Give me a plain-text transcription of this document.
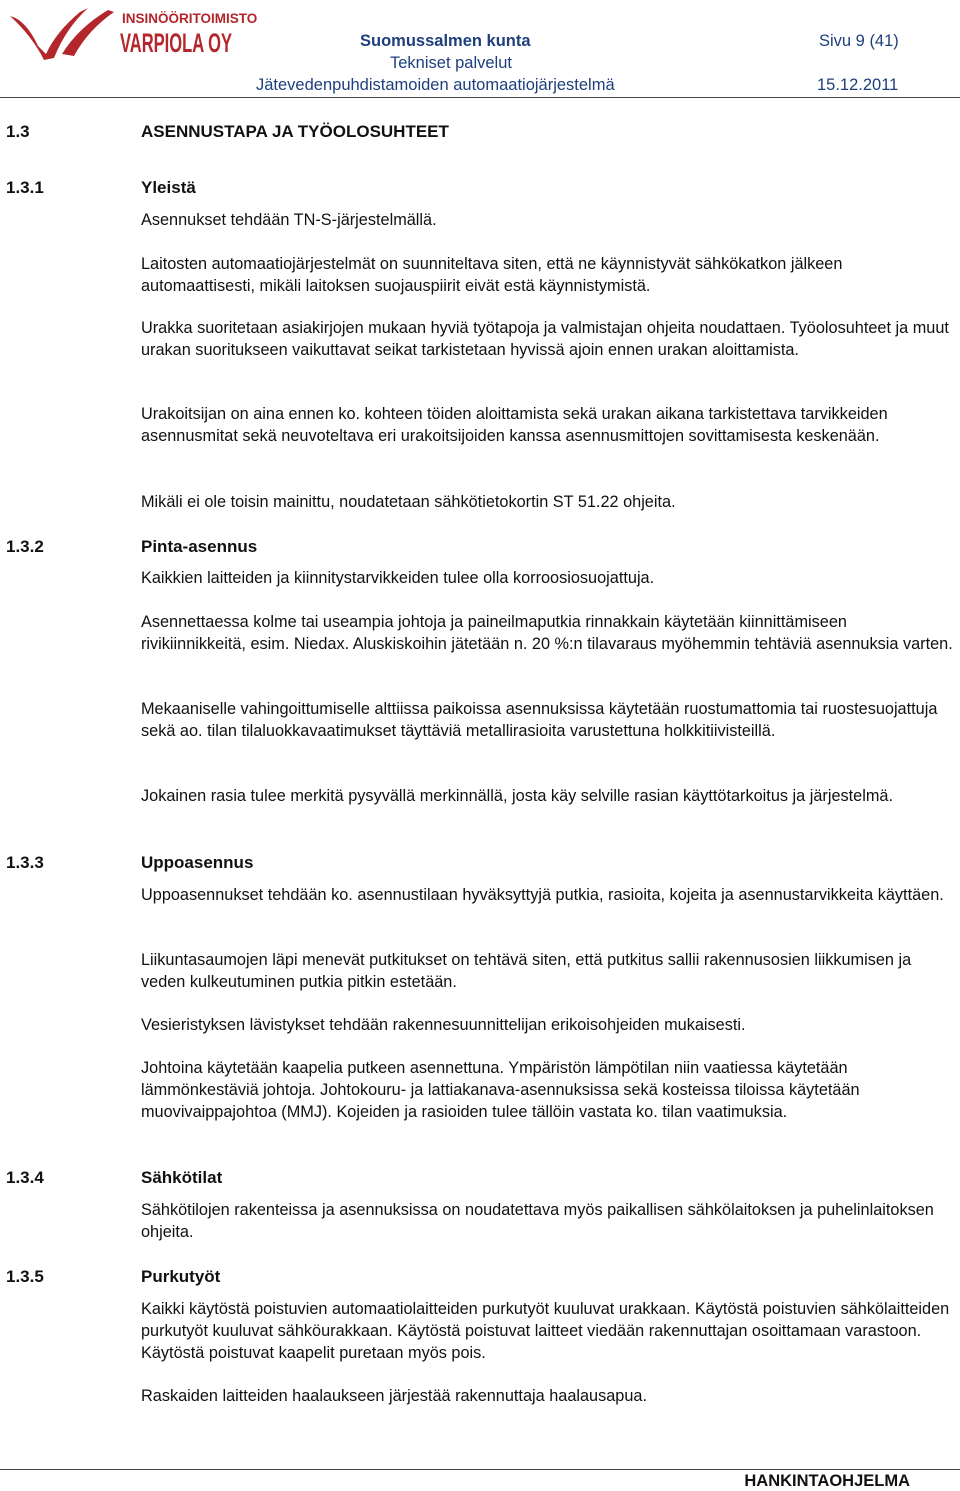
INSINÖÖRITOIMISTO
VARPIOLA OY	Suomussalmen kunta
Tekniset palvelut
Jätevedenpuhdistamoiden automaatiojärjestelmä
Sivu 9 (41)
15.12.2011
1.3	ASENNUSTAPA JA TYÖOLOSUHTEET
1.3.1	Yleistä

Asennukset tehdään TN-S-järjestelmällä.

Laitosten automaatiojärjestelmät on suunniteltava siten, että ne käynnistyvät sähkökatkon jälkeen automaattisesti, mikäli laitoksen suojauspiirit eivät estä käynnistymistä.

Urakka suoritetaan asiakirjojen mukaan hyviä työtapoja ja valmistajan ohjeita noudattaen. Työolosuhteet ja muut urakan suoritukseen vaikuttavat seikat tarkistetaan hyvissä ajoin ennen urakan aloittamista.

Urakoitsijan on aina ennen ko. kohteen töiden aloittamista sekä urakan aikana tarkistettava tarvikkeiden asennusmitat sekä neuvoteltava eri urakoitsijoiden kanssa asennusmittojen sovittamisesta keskenään.

Mikäli ei ole toisin mainittu, noudatetaan sähkötietokortin ST 51.22 ohjeita.

1.3.2	Pinta-asennus

Kaikkien laitteiden ja kiinnitystarvikkeiden tulee olla korroosiosuojattuja.

Asennettaessa kolme tai useampia johtoja ja paineilmaputkia rinnakkain käytetään kiinnittämiseen rivikiinnikkeitä, esim. Niedax. Aluskiskoihin jätetään n. 20 %:n tilavaraus myöhemmin tehtäviä asennuksia varten.

Mekaaniselle vahingoittumiselle alttiissa paikoissa asennuksissa käytetään ruostumattomia tai ruostesuojattuja sekä ao. tilan tilaluokkavaatimukset täyttäviä metallirasioita varustettuna holkkitiivisteillä.

Jokainen rasia tulee merkitä pysyvällä merkinnällä, josta käy selville rasian käyttötarkoitus ja järjestelmä.

1.3.3	Uppoasennus

Uppoasennukset tehdään ko. asennustilaan hyväksyttyjä putkia, rasioita, kojeita ja asennustarvikkeita käyttäen.

Liikuntasaumojen läpi menevät putkitukset on tehtävä siten, että putkitus sallii rakennusosien liikkumisen ja veden kulkeutuminen putkia pitkin estetään.

Vesieristyksen lävistykset tehdään rakennesuunnittelijan erikoisohjeiden mukaisesti.

Johtoina käytetään kaapelia putkeen asennettuna. Ympäristön lämpötilan niin vaatiessa käytetään lämmönkestäviä johtoja. Johtokouru- ja lattiakanava-asennuksissa sekä kosteissa tiloissa käytetään muovivaippajohtoa (MMJ). Kojeiden ja rasioiden tulee tällöin vastata ko. tilan vaatimuksia.

1.3.4	Sähkötilat

Sähkötilojen rakenteissa ja asennuksissa on noudatettava myös paikallisen sähkölaitoksen ja puhelinlaitoksen ohjeita.

1.3.5	Purkutyöt

Kaikki käytöstä poistuvien automaatiolaitteiden purkutyöt kuuluvat urakkaan. Käytöstä poistuvien sähkölaitteiden purkutyöt kuuluvat sähköurakkaan. Käytöstä poistuvat laitteet viedään rakennuttajan osoittamaan varastoon. Käytöstä poistuvat kaapelit puretaan myös pois.

Raskaiden laitteiden haalaukseen järjestää rakennuttaja haalausapua.

HANKINTAOHJELMA
